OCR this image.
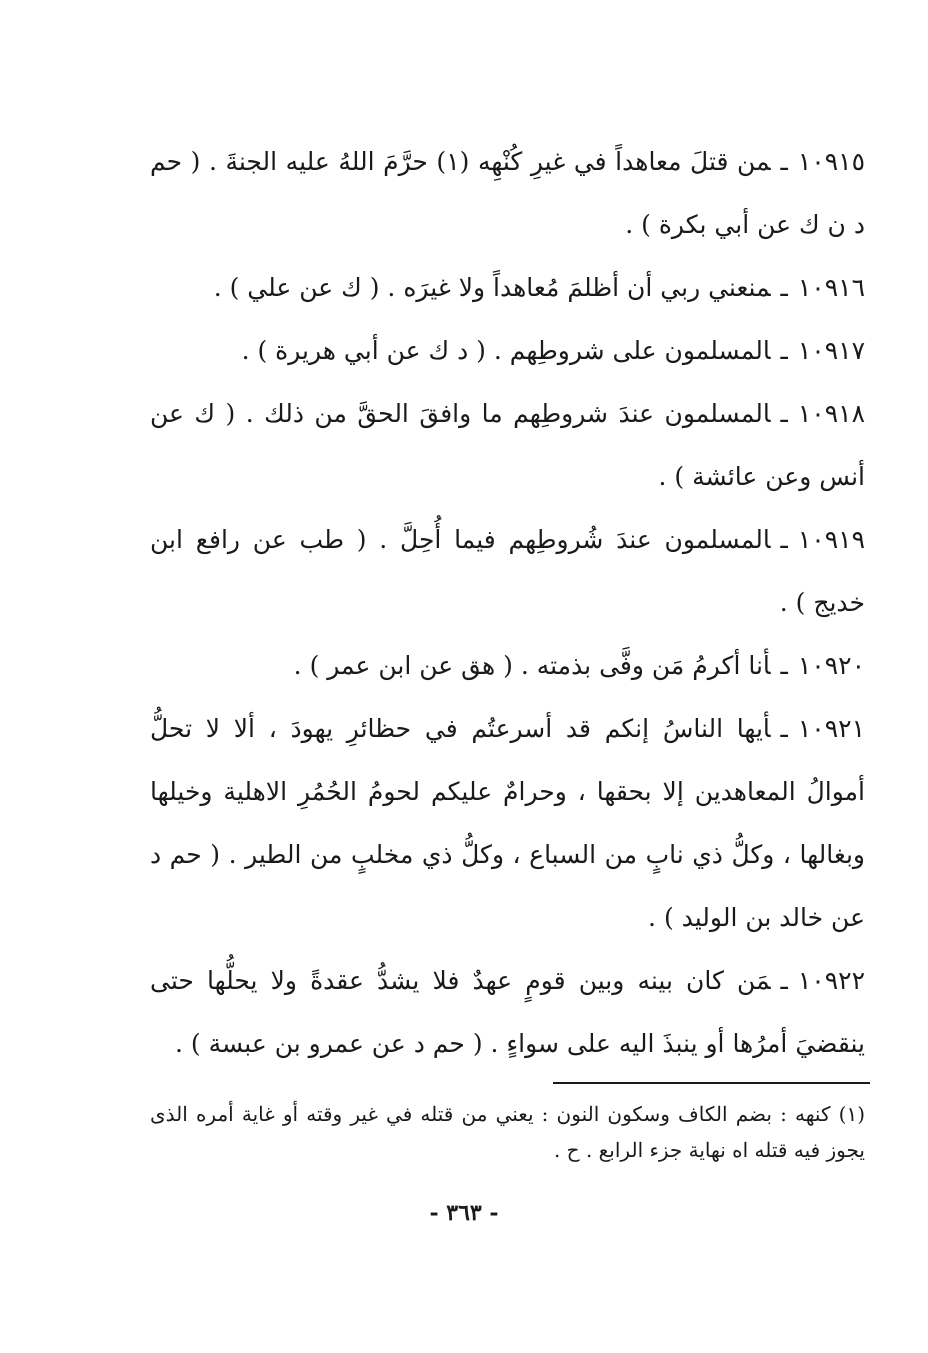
١٠٩١٥ـمن قتلَ معاهداً في غيرِ كُنْهِه (١) حرَّمَ اللهُ عليه الجنةَ . ( حم د ن ك عن أبي بكرة ) .

١٠٩١٦ـمنعني ربي أن أظلمَ مُعاهداً ولا غيرَه . ( ك عن علي ) .

١٠٩١٧ـالمسلمون على شروطِهم . ( د ك عن أبي هريرة ) .

١٠٩١٨ـالمسلمون عندَ شروطِهم ما وافقَ الحقَّ من ذلك . ( ك عن أنس وعن عائشة ) .

١٠٩١٩ـالمسلمون عندَ شُروطِهم فيما أُحِلَّ . ( طب عن رافع ابن خديج ) .

١٠٩٢٠ـأنا أكرمُ مَن وفَّى بذمته . ( هق عن ابن عمر ) .

١٠٩٢١ـأيها الناسُ إنكم قد أسرعتُم في حظائرِ يهودَ ، ألا لا تحلُّ أموالُ المعاهدين إلا بحقها ، وحرامٌ عليكم لحومُ الحُمُرِ الاهلية وخيلها وبغالها ، وكلُّ ذي نابٍ من السباع ، وكلُّ ذي مخلبٍ من الطير . ( حم د عن خالد بن الوليد ) .

١٠٩٢٢ـمَن كان بينه وبين قومٍ عهدٌ فلا يشدُّ عقدةً ولا يحلُّها حتى ينقضيَ أمرُها أو ينبذَ اليه على سواءٍ . ( حم د عن عمرو بن عبسة ) .

(١) كنهه : بضم الكاف وسكون النون : يعني من قتله في غير وقته أو غاية أمره الذى يجوز فيه قتله اه نهاية جزء الرابع . ح .
- ٣٦٣ -
